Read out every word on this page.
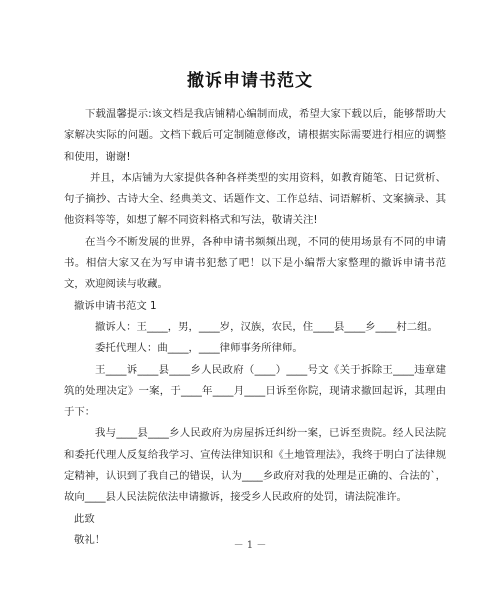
撤诉申请书范文

下载温馨提示:该文档是我店铺精心编制而成，希望大家下载以后，能够帮助大家解决实际的问题。文档下载后可定制随意修改，请根据实际需要进行相应的调整和使用，谢谢!

并且，本店铺为大家提供各种各样类型的实用资料，如教育随笔、日记赏析、句子摘抄、古诗大全、经典美文、话题作文、工作总结、词语解析、文案摘录、其他资料等等，如想了解不同资料格式和写法，敬请关注!

在当今不断发展的世界，各种申请书频频出现，不同的使用场景有不同的申请书。相信大家又在为写申请书犯愁了吧！以下是小编帮大家整理的撤诉申请书范文，欢迎阅读与收藏。

撤诉申请书范文 1

撤诉人：王____，男，____岁，汉族，农民，住____县____乡____村二组。

委托代理人：曲____，____律师事务所律师。

王____诉____县____乡人民政府（____）____号文《关于拆除王____违章建筑的处理决定》一案，于____年____月____日诉至你院，现请求撤回起诉，其理由于下：

我与____县____乡人民政府为房屋拆迁纠纷一案，已诉至贵院。经人民法院和委托代理人反复给我学习、宣传法律知识和《土地管理法》，我终于明白了法律规定精神，认识到了我自己的错误，认为____乡政府对我的处理是正确的、合法的`，故向____县人民法院依法申请撤诉，接受乡人民政府的处罚，请法院准许。

此致

敬礼！	－ 1 －
